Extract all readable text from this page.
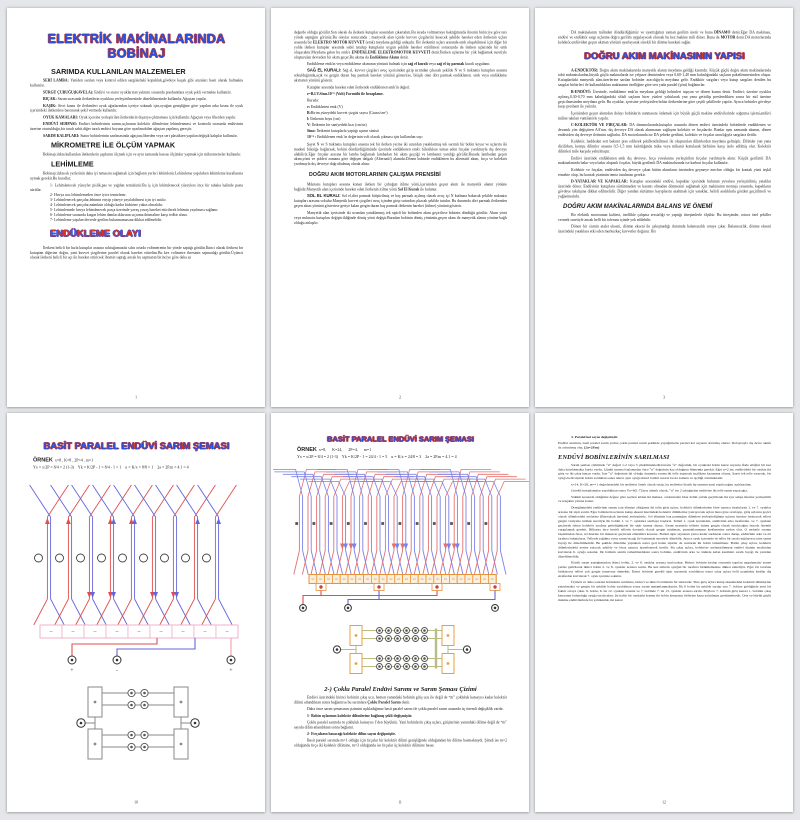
ELEKTRİK MAKİNALARINDA BOBİNAJ
SARIMDA KULLANILAN MALZEMELER

SERİ LAMBA: Yeniden sarılan veya kontrol edilen sargılardaki kopukluk,gövdeye kaçak gibi arızaları basit olarak bulmakta kullanılır.

SÜRGÜ ÇUBUĞU(KAVELA): Endüvi ve stator oyuklarının yalıtımı sırasında presbantlara oyuk şekli vermekte kullanılır.

BIÇAK: Sarım sırasında iletkenlerin oyuklara yerleştirilmesinde düzeltilmesinde kullanılır.Ağaçtan yapılır.

KAŞIK: Sivri kısmı ile iletkenleri oyuk ağızlarından içeriye sokmak için,oyuğun genişliğine göre yapılan arka kısmı ile oyuk içersindeki iletkenlere bastırarak şekil vermede kullanılır.

OYUK KAMALARI: Oyuk içersine yerleştirilen iletkenlerin dışarıya çıkmaması için kullanılır.Ağaçtan veya fiberden yapılır.

ENDÜVİ SEHPASI: Endüvi bobinlerinin sarımı,uçlarının kolektör dilimlerine lehimlenmesi ve kontrolü sırasında endüvinin üzerine oturtulduğu,bir tarafı sabit,diğer tarafı endüvi boyuna göre ayarlanabilen ağaçtan yapılmış gereçtir.

SARIM KALIPLARI: Stator bobinlerinin sarılmasında ağaçtan,fiberden veya sert plastikten yapılan değişik kalıplar kullanılır.

MİKROMETRE İLE ÖLÇÜM YAPMAK

Bobinajcılıkta kullanılan iletkenlerin çaplarını ölçmek için ve aynı zamanda hassas ölçümler yapmak için mikrometreler kullanılır.

LEHİMLEME

Bobinajcılıkta ek yerlerinin daha iyi temasını sağlamak için bağlantı yerleri lehimlenir.Lehimleme yapılırken lehimleme kurallarına uymak gerekir.Bu kurallar;

1- Lehimlenecek yüzeyler pislik,pas ve yağdan temizlenir.Bu iş için lehimlenecek yüzeylere ince bir tabaka halinde pasta sürülür.
2- Havya ucu lehimlemeden önce iyice temizlenir.
3- Lehimlenecek parçalar,lehimin eriyip yüzeye yayılabilmesi için iyi ısıtılır.
4- Lehimlenecek parçalar,mümkün olduğu kadar birbirine yakın olmalıdır.
5- Lehimlemede havya lehimlenecek parça üzerinde yavaş yavaş hareket ettirilerek lehimin yayılması sağlanır.
6- Lehimleme sırasında kızgın lehim damlacıklarının sıçrama ihtimaline karşı tedbir alınır.
7- Lehimleme yapılan devrede gerilim bulunmamasına dikkat edilmelidir.
ENDÜKLEME OLAYI

İletkeni belirli bir hızla kutuplar arasına soktuğumuzda sıfırı ortada voltmetrenin bir yönde saptığı görülür.İkinci olarak iletkeni bir kutuptan diğerine doğru, yani kuvvet çizgilerine paralel olarak hareket ettirelim.Bu kez voltmetre ibresinin sapmadığı görülür.Üçüncü olarak iletkeni belirli bir açı ile hareket ettirirsek ibrenin saptığı ancak bu sapmanın birinciye göre daha az

1

değerde olduğu görülür.Son olarak da iletkeni kutuplar arasından çıkartalım.Bu sırada voltmetreye baktığımızda ibrenin birinciye göre ters yönde saptığını görürüz.Bu olaylar sonucunda ; manyetik alan içinde kuvvet çizgilerini kesecek şekilde hareket eden iletkenin uçları arasında bir ELEKTRO MOTOR KUVVET (emk) meydana geldiği anlaşılır. Bir iletkenin uçları arasında emk oluşabilmesi için diğer bir yolda iletken kutuplar arasında sabit tutulup kutupların uygun şekilde hareket ettirilmesi sonucunda da iletken uçlarında bir emk oluşacaktır.Meydana gelen bu emk'e ENDÜKLEME ELEKTROMOTOR KUVVETİ denir.İletken uçlarına bir yük bağlamak suretiyle oluşturulan devreden bir akım geçer.Bu akıma da Endükleme Akımı denir.

Endükleme emk'in veya endükleme akımının yönünü bulmak için sağ el kuralı veya sağ el üç parmak kuralı uygulanır.

SAĞ EL KURALI: Sağ el, kuvvet çizgileri avuç içerisinden girip sırtından çıkacak şekilde N ve S mıknatıs kutupları arasına sokulduğunda,açık ve gergin duran baş parmak hareket yönünü gösterirse, bitişik olan dört parmak endüklenen. emk veya endükleme akımının yönünü gösterir.

Kutuplar arasında hareket eden iletkende endüklenen emk'in değeri:

e=B.l.V.Sinα.10⁻⁸ (Volt) Formülü ile hesaplanır.

Burada:

e: Endüklenen emk (V)
B:Birim yüzeydeki kuvvet çizgisi sayısı (Gauss/cm²)
l: İletkenin boyu (cm)
V: İletkenin bir saniyedeki hızı (cm/sn)
Sinα: İletkenin kutuplarla yaptığı açının sinüsü
10⁻⁸ : Endüklenen emk 'in değerinin volt olarak çıkması için kullanılan sayı

Şayet N ve S mıknatıs kutupları arasına tek bir iletken yerine iki ucundan yataklanmış tek sarımlı bir bobin koyar ve uçlarını iki madeni bileziğe bağlarsak, bobini döndürdüğümüzde üzerinde endüklenen emk'ı bileziklere temas eden fırçalar yardımıyla dış devreye alabiliriz.Eğer fırçalar arasına bir lamba bağlarsak lambadan bir akım geçtiği ve lambanın yandığı görülür.Burada lambadan geçen akım,yönü ve şiddeti zamana göre değişen dalgalı (Alternatif) akımdır.Dönen bobinde endüklenen bu alternatif akım, fırça ve kolektör yardımıyla dış devreye doğrultulmuş olarak alınır.

DOĞRU AKIM MOTORLARININ ÇALIŞMA PRENSİBİ

Mıknatıs kutupları arasına konan iletken bir çubuğun itilme yönü,içerisinden geçen akım ile manyetik alanın yönüne bağlıdır.Manyetik alan içerisinde hareket eden iletkenin itilme yönü Sol El Kuralı ile bulunur.

SOL EL KURALI: Sol el,dört parmak bitiştirilmiş ve baş parmak açılmış olarak avuç içi N kutbuna bakacak şekilde mıknatıs kutupları arasına sokulur.Manyetik kuvvet çizgileri avuç içinden girip sırtından çıkacak şekilde tutulur. Bu durumda dört parmak iletkenden geçen akım yönünü gösterirse geriye kalan gergin duran baş parmak iletkenin hareket (itilme) yönünü gösterir.

Manyetik alan içerisinde iki ucundan yataklanmış tek sipirli bir bobinden akım geçirilirse bobinin döndüğü görülür. Akım yönü veya mıknatıs kutupları değiştirildiğinde dönüş yönü değişir.Buradan bobinin dönüş yönünün,geçen akım ile manyetik alanın yönüne bağlı olduğu anlaşılır.

2

DA makinalarını milinden döndürdüğümüz ve uyarttığımız zaman gerilim üretir ve buna DİNAMO denir.Eğer DA makinası, endüvi ve endüktör sargı uçlarına doğru gerilim uygulayacak olursak bu kez makine mili döner. Buna da MOTOR denir.DA motorlarında kolektör,endüviden geçen akımın yönünü ayarlayarak sürekli bir dönme hareketi sağlar.

DOĞRU AKIM MAKİNASININ YAPISI

A-ENDÜKTÖR: Doğru akım makinalarında manyetik alanın meydana geldiği kısımdır. Küçük güçlü doğru akım makinalarında tabii mıknatıslardan,büyük güçlü makinalarda ise yelpaze demirinden veya 0,60-1,40 mm kalınlığındaki saçların paketlenmesinden oluşur. Kutuplardaki manyetik alan,üzerlerine sarılan bobinler aracılığıyla meydana gelir. Endüktör sargıları veya kutup sargıları denilen bu sargılar birbirleri ile kullanıldıkları makinanın özelliğine göre seri yada paralel (şönt) bağlanırlar.

B-ENDÜVİ: Üzerinde, endükleme emk'in meydana geldiği bobinleri taşıyan ve dönen kısma denir. Endüvi; üzerine oyuklar açılmış,0,30-0,70 mm kalınlığındaki silisli saçların birer yüzleri yalıtılarak yan yana getirilip preslendikten sonra bir mil üzerine geçirilmesinden meydana gelir. Bu oyuklar, içerisine yerleştirilen bobin iletkenlerine göre çeşitli şekillerde yapılır. Ayrıca bobinler gövdeye karşı presbant ile yalıtılır.

İçerisinden geçen akımdan dolayı bobinlerin ısınmasını önlemek için büyük güçlü makine endüvilerinde soğutma işlemi,endüvi miline takılan vantilatörle yapılır.

C-KOLEKTÖR VE FIRÇALAR: DA dinamolarında,kutuplar arasında dönen endüvi üzerindeki bobinlerde endüklenen ve devamlı yön değiştiren AA'nın, dış devreye DA olarak alınmasını sağlayan kolektör ve fırçalardır. Bunlar aynı zamanda akımın, dönen endüviden dış devreye iletimini sağlarlar. DA motorlarında ise DA şebeke gerilimi, kolektör ve fırçalar aracılığıyla sargılara iletilir.

Kolektör, haddeden sert bakırın pres edilerek şekillendirilmesi ile oluşturulan dilimlerden meydana gelmiştir. Dilimler yan yana dizilirken, komşu dilimler arasına 0,5-1,5 mm kalınlığında mika veya mikanit konularak birbirine karşı izole edilmiş olur. Kolektör dilimleri mile karşıda yalıtılmıştır.

Endüvi üzerinde endüklenen emk dış devreye, fırça yuvalarına yerleştirilen fırçalar yardımıyla alınır. Küçük gerilimli DA makinalarında bakır veya bakır alaşımlı fırçalar, büyük gerilimli DA makinalarında ise karbon fırçalar kullanılır.

Kolektör ve fırçalar, endüviden dış devreye çıkan bütün akımların üzerinden geçmeye mecbur olduğu bir kontak yüzü teşkil etmekte olup, bu kontak yüzünün temiz tutulması gerekir.

D-YATAKLAR VE KAPAKLAR: Kutuplar arasındaki endüvi, kapaklar içersinde bulunan yuvalara yerleştirilmiş yataklar üzerinde döner. Endüvinin kutuplara sürtünmeden ve kasıntı olmadan dönmesini sağlamak için makinanın montajı sırasında, kapakların gövdeye takılışına dikkat edilmelidir. Diğer yandan sürtünme kayıplarını azaltmak için yataklar, belirli aralıklarla gözden geçirilmeli ve yağlanmalıdır.

DOĞRU AKIM MAKİNALARINDA BALANS VE ÖNEMİ

Bir elektrik motorunun kalitesi, özellikle çalışma sessizliği ve yaptığı titreşimlerle ölçülür. Bu titreşimler, rotora özel şekiller vermek suretiyle ancak belli bir tolerans içinde yok edilebilir.

Dönen bir cismin atalet ekseni, dönme ekseni ile çakışmadığı durumda balanssızlık ortaya çıkar. Balanssızlık, dönme ekseni üzerindeki yataklara etki eden merkezkaç kuvvetler doğurur. Bir

3
BASİT PARALEL ENDÜVİ SARIM ŞEMASI
ÖRNEK  x=8 , K=8 , 2P=4 , m=1
Yx = x/2P = 8/4 = 2 (1-3)    Yk = K/2P - 1 = 8/4 - 1 = 1    u = K/x = 8/8 = 1    2a = 2P.m = 4.1 = 4
+	-	+
10
BASİT PARALEL ENDÜVİ SARIM ŞEMASI
ÖRNEK  x=8,      K=24,      2P=4,      m=1
Yx = x/2P = 8/4 = 2 (1-3)    Yk = K/2P - 1 = 24/4 - 1 = 5    u = K/x = 24/8 = 3    2a = 2P.m = 4.1 = 4
2-) Çoklu Paralel Endüvi Sarımı ve Sarım Şeması Çizimi

Endüvi üzerindeki birinci bobinin çıkış ucu, hemen yanındaki bobinin giriş ucu ile değil de “m” çokluluk katsayısı kadar kolektör dilimi atlandıktan sonra bağlanırsa bu sarımlara Çoklu Paralel Sarım denir.

Daha önce sarım şemasının çizimini açıkladığımız basit paralel sarım ile çoklu paralel sarım arasında üç önemli değişiklik vardır.

1- Bobin uçlarının kolektör dilimlerine bağlanış şekli değişmiştir.

Çoklu paralel sarımda m çokluluk katsayısı 1'den büyüktür. Yani bobinlerin çıkış uçları, girişlerinin yanındaki dilime değil de “m” sayıda dilim atlandıktan sonra bağlanır.

2- Fırçaların basacağı kolektör dilim sayısı değişmiştir.

Basit paralel sarımda m=1 olduğu için fırçalar bir kolektör dilimi genişliğinde olduğundan bir dilime basmaktaydı. Şimdi ise m=2 olduğunda fırça iki kolektör dilimine, m=3 olduğunda ise fırçalar üç kolektör dilimine basar.

11

3- Paralel kol sayısı değişmiştir.

Endüvi sarımını, basit paralel sarım yerine çoklu paralel sarım şeklinde yaptığımızda paralel kol sayısını arttırmış oluruz. Dolayısıyla dış devre akımı da arttırılmış olur. (2a=2P.m)

ENDÜVİ BOBİNLERİNİN SARILMASI

Sarım şeması çiziminde “u” değeri 1-2 veya 3 çıkabilmektedir.burada “u” değerinin, bir oyuktaki bobin kenar sayısını ifade ettiğini bir kez daha hatırlatmakta fayda vardır. Çünkü sarıma başlamadan önce “u” değerinin kaç olduğunu bilmemiz gerekir. Eğer u=2 ise, endüvideki bir oyukta iki giriş ve iki çıkış kenarı vardır. İşte “u” değerinin iki olduğu durumda sarımı iki telle yaparsak işçilikten kazanmış oluruz. Şayet tek telle sararsak, bir oyuğa belli sipirde bobin sardıktan sonra tekrar aynı oyuğa ikinci bobini sararız bu da zamanı ve işçiliği artırmaktadır.

x=14, K=28, m=+1 değerlerindeki bir endüviyi örnek olarak seçip, bu endüviye klasik tip sarımın nasıl yapılacağını açıklayalım.

Gerekli hesaplamalar yapıldıktan sonra Yx=6(1-7) kısa adımlı olarak, “u” ise 2 çıktığından endüviye iki telle sarım yapacağız.

Söküm sırasında aldığımız değere göre seçilen telden iki makara, ortalarından birer demir çubuk geçirilerek iki ayrı sehpa üzerine yerleştirilir ve tezgahın yanına konur.

Örneğimizdeki endüvinin sarımı için elimize aldığımız iki telin giriş uçları, kolektör dilimlerinden birer uzunca bırakılarak 1. ve 7. oyuklar arasına bir sipir sarılır. Eğer bobinlerin uçlarını kutup ekseni üzerindeki kolektör dilimlerine yatırıyorsak uçları buna göre ortalayıp, giriş uçlarını geçici olarak dilimlerdeki yerlerine (Bayrakçık üzerine) yerleştiririz. Sol elimizin baş parmağını dilimlere yerleştirdiğimiz uçların üzerine bastırarak telleri gergin vaziyette tutmak suretiyle ilk bobini 1. ve 7. oyuklara sarmaya başlarız. Telleri 1. oyuk içersinden, endüvinin arka tarafından. ve 7. oyuktan geçirerek tekrar kolektör tarafına getirdiğimizde bir sipir sarmış oluruz. Sarım sırasında tellerin daima gergin olarak tutulacağını burada önemle vurgulamak gerekir. Bilhassa ince kesitli tellerin devamlı olarak gergin tutulması, parmaklarımızın kesilmesine neden olur. O nedenle sarıma başlamadan önce, tel üzerine bir makaron geçirerek ellerimizi koruruz. Bobini sipir sayısının yarısı kadar sardıktan sonra durup, endüvinin arka ve ön tarafına bakmalıyız. Tellerde yığılma varsa sarım bıçağı ile bastırmak suretiyle düzeltilir. Ayrıca oyuk içersinde de teller bir tarafa yığılıyorsa yine sarım bıçağı ile düzeltilmelidir. Bu şekilde düzeltme yaptıktan sonra geri kalan sipirler de sarılarak ilk bobin tamamlanır. Bobin çıkış uçları, kolektör dilimlerindeki yerine yatacak şekilde ve biraz uzunca işaretlenerek kesilir. Bu çıkış uçları, kolektöre yerleştirilmeyip endüvi dişinin etrafından kıvrılarak 6. oyuğa sokulur. İlk bobinin sarımı tamamlandıktan sonra bobinin, endüvinin arka ve önünde kalan kısımları sarım bıçağı ile yeniden düzeltilmelidir.

Klasik sarım yaptığımızdan ikinci bobin, 2. ve 8. oyuklar arasına sarılacaktır. Birinci bobinin sarılışı sırasında yapılan uygulamalar aynen yerine getirilerek ikinci bobin 2. ve 8. oyuklar arasına sarılır. Bu kez tellerin oyuğun bir tarafına birikmemesine dikkat etmeliyiz. Eğer bir tarafına birikiyorsa telleri çok gergin tutuyoruz demektir. İkinci bobinde gerekli sipir sayısında sarıldıktan sonra çıkış uçları belli uzunlukta kesilip diş etrafından kıvrılarak 7. oyuk içersine sokulur.

Üçüncü ve daha sonraki bobinlerin sarılması, birinci ve ikinci bobinlerin bir tekrarıdır. Yine giriş uçları kutup eksenindeki kolektör dilimlerine yatırılmakta ve gergin bir şekilde bobin sarıldıktan sonra sarım tamamlanmaktadır. İlk 6 bobin bu şekilde sarılıp sıra 7. bobine geldiğinde yeni bir faktör ortaya çıkar. 6. bobin, 6. ile 12. oyuklar arasına ve 7. bobinde 7. ile 13. oyuklar arasına sarılır. Böylece 7. bobinin giriş kenarı 1. bobinin çıkış kenarının bulunduğu oyuğa sarılacaktır. Şu halde bir oyuktaki komşu iki bobin kenarının birbirine karşı yalıtılması gerekmektedir. Orta ve büyük güçlü makine endüvilerinde bu yalıtkanlık, iki kenar

12
